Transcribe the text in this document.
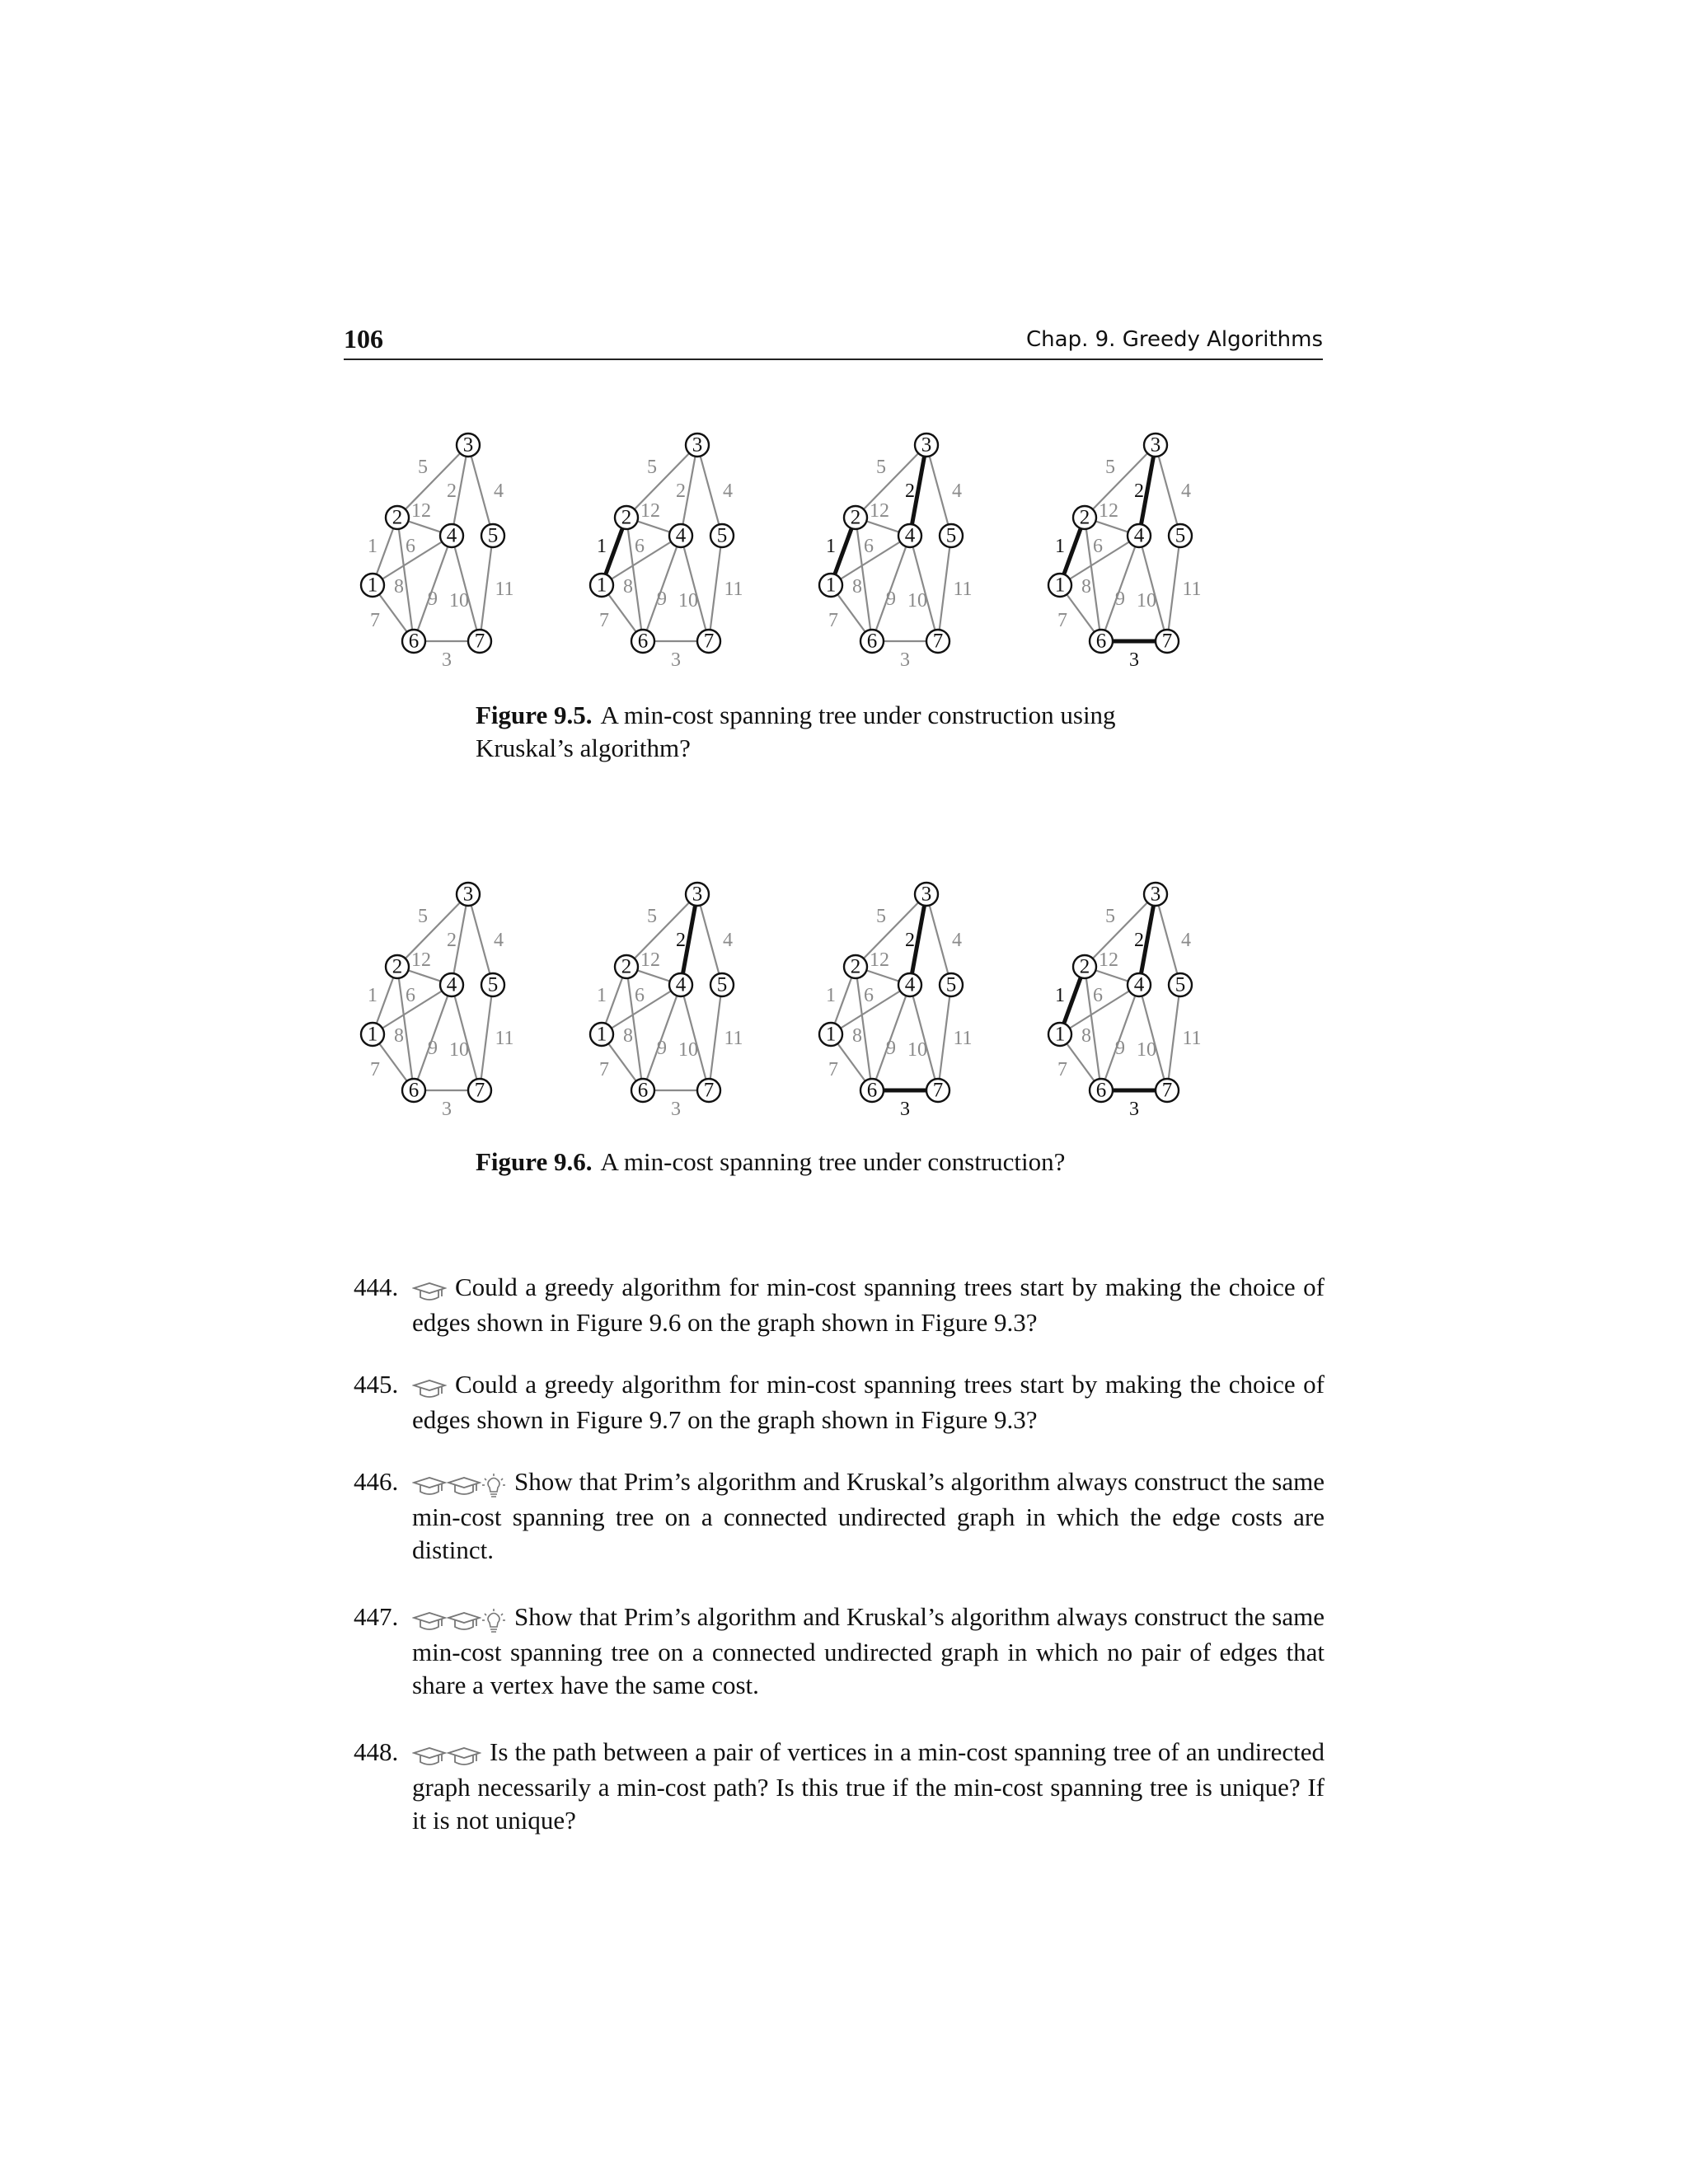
106	Chap. 9. Greedy Algorithms
1
2
3
4
5
6
7
8
9 10
11
12
1
2
3
4 5
6	7
1
2
3
4
5
6
7
8
9 10
11
12
1
2
3
4 5
6	7
1
2
3
4
5
6
7
8
9 10
11
12
1
2
3
4 5
6	7
1
2
3
4
5
6
7
8
9 10
11
12
1
2
3
4 5
6	7
Figure 9.5. A min-cost spanning tree under construction using Kruskal’s algorithm?
1
2
3
4
5
6
7
8
9 10
11
12
1
2
3
4 5
6	7
1
2
3
4
5
6
7
8
9 10
11
12
1
2
3
4 5
6	7
1
2
3
4
5
6
7
8
9 10
11
12
1
2
3
4 5
6	7
1
2
3
4
5
6
7
8
9 10
11
12
1
2
3
4 5
6	7
Figure 9.6. A min-cost spanning tree under construction?
444.	Could a greedy algorithm for min-cost spanning trees start by making the choice of edges shown in Figure 9.6 on the graph shown in Figure 9.3?
445.	Could a greedy algorithm for min-cost spanning trees start by making the choice of edges shown in Figure 9.7 on the graph shown in Figure 9.3?
446.	Show that Prim’s algorithm and Kruskal’s algorithm always construct the same min-cost spanning tree on a connected undirected graph in which the edge costs are distinct.
447.	Show that Prim’s algorithm and Kruskal’s algorithm always construct the same min-cost spanning tree on a connected undirected graph in which no pair of edges that share a vertex have the same cost.
448.	Is the path between a pair of vertices in a min-cost spanning tree of an undirected graph necessarily a min-cost path? Is this true if the min-cost spanning tree is unique? If it is not unique?
